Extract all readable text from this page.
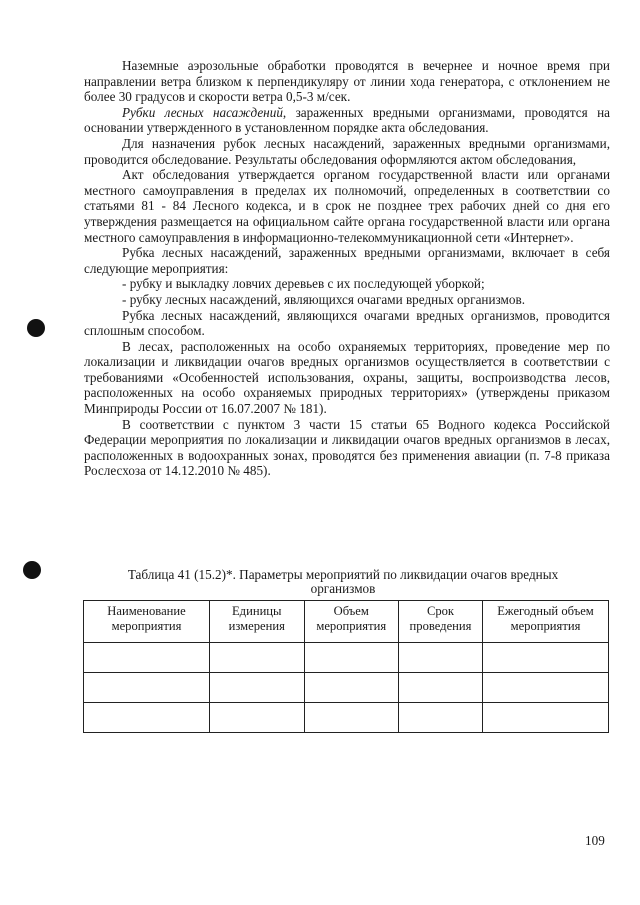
Наземные аэрозольные обработки проводятся в вечернее и ночное время при направлении ветра близком к перпендикуляру от линии хода генератора, с отклонением не более 30 градусов и скорости ветра 0,5-3 м/сек.

Рубки лесных насаждений, зараженных вредными организмами, проводятся на основании утвержденного в установленном порядке акта обследования.

Для назначения рубок лесных насаждений, зараженных вредными организмами, проводится обследование. Результаты обследования оформляются актом обследования,

Акт обследования утверждается органом государственной власти или органами местного самоуправления в пределах их полномочий, определенных в соответствии со статьями 81 - 84 Лесного кодекса, и в срок не позднее трех рабочих дней со дня его утверждения размещается на официальном сайте органа государственной власти или органа местного самоуправления в информационно-телекоммуникационной сети «Интернет».

Рубка лесных насаждений, зараженных вредными организмами, включает в себя следующие мероприятия:

- рубку и выкладку ловчих деревьев с их последующей уборкой;

- рубку лесных насаждений, являющихся очагами вредных организмов.

Рубка лесных насаждений, являющихся очагами вредных организмов, проводится сплошным способом.

В лесах, расположенных на особо охраняемых территориях, проведение мер по локализации и ликвидации очагов вредных организмов осуществляется в соответствии с требованиями «Особенностей использования, охраны, защиты, воспроизводства лесов, расположенных на особо охраняемых природных территориях» (утверждены приказом Минприроды России от 16.07.2007 № 181).

В соответствии с пунктом 3 части 15 статьи 65 Водного кодекса Российской Федерации мероприятия по локализации и ликвидации очагов вредных организмов в лесах, расположенных в водоохранных зонах, проводятся без применения авиации (п. 7-8 приказа Рослесхоза от 14.12.2010 № 485).

Таблица 41 (15.2)*. Параметры мероприятий по ликвидации очагов вредных организмов
Наименование мероприятия	Единицы измерения	Объем мероприятия	Срок проведения	Ежегодный объем мероприятия

109
